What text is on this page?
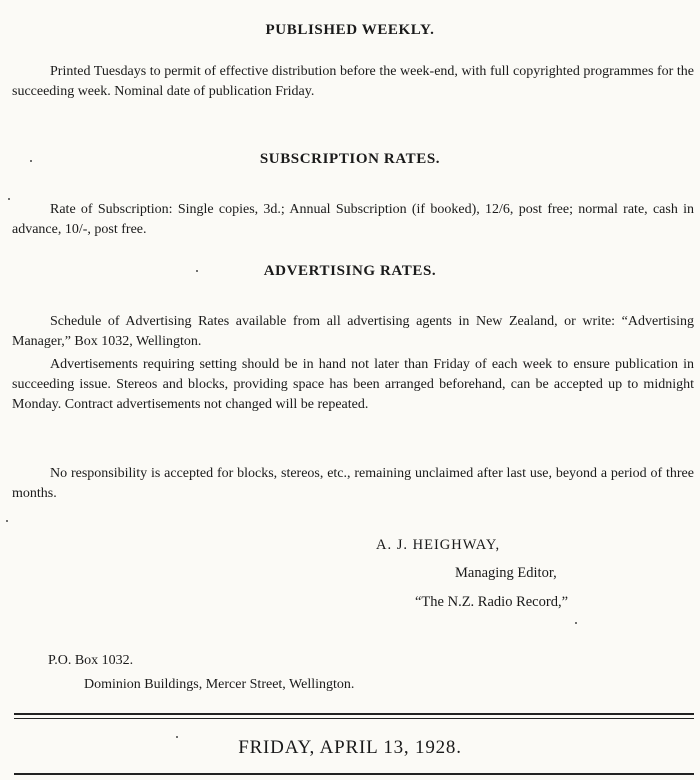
PUBLISHED WEEKLY.
Printed Tuesdays to permit of effective distribution before the week-end, with full copyrighted programmes for the succeeding week. Nominal date of publication Friday.
SUBSCRIPTION RATES.
Rate of Subscription: Single copies, 3d.; Annual Subscription (if booked), 12/6, post free; normal rate, cash in advance, 10/-, post free.
ADVERTISING RATES.
Schedule of Advertising Rates available from all advertising agents in New Zealand, or write: “Advertising Manager,” Box 1032, Wellington.
Advertisements requiring setting should be in hand not later than Friday of each week to ensure publication in succeeding issue. Stereos and blocks, providing space has been arranged beforehand, can be accepted up to midnight Monday. Contract advertisements not changed will be repeated.
No responsibility is accepted for blocks, stereos, etc., remaining unclaimed after last use, beyond a period of three months.
A. J. HEIGHWAY,
Managing Editor,
“The N.Z. Radio Record,”
P.O. Box 1032.
Dominion Buildings, Mercer Street, Wellington.
FRIDAY, APRIL 13, 1928.
